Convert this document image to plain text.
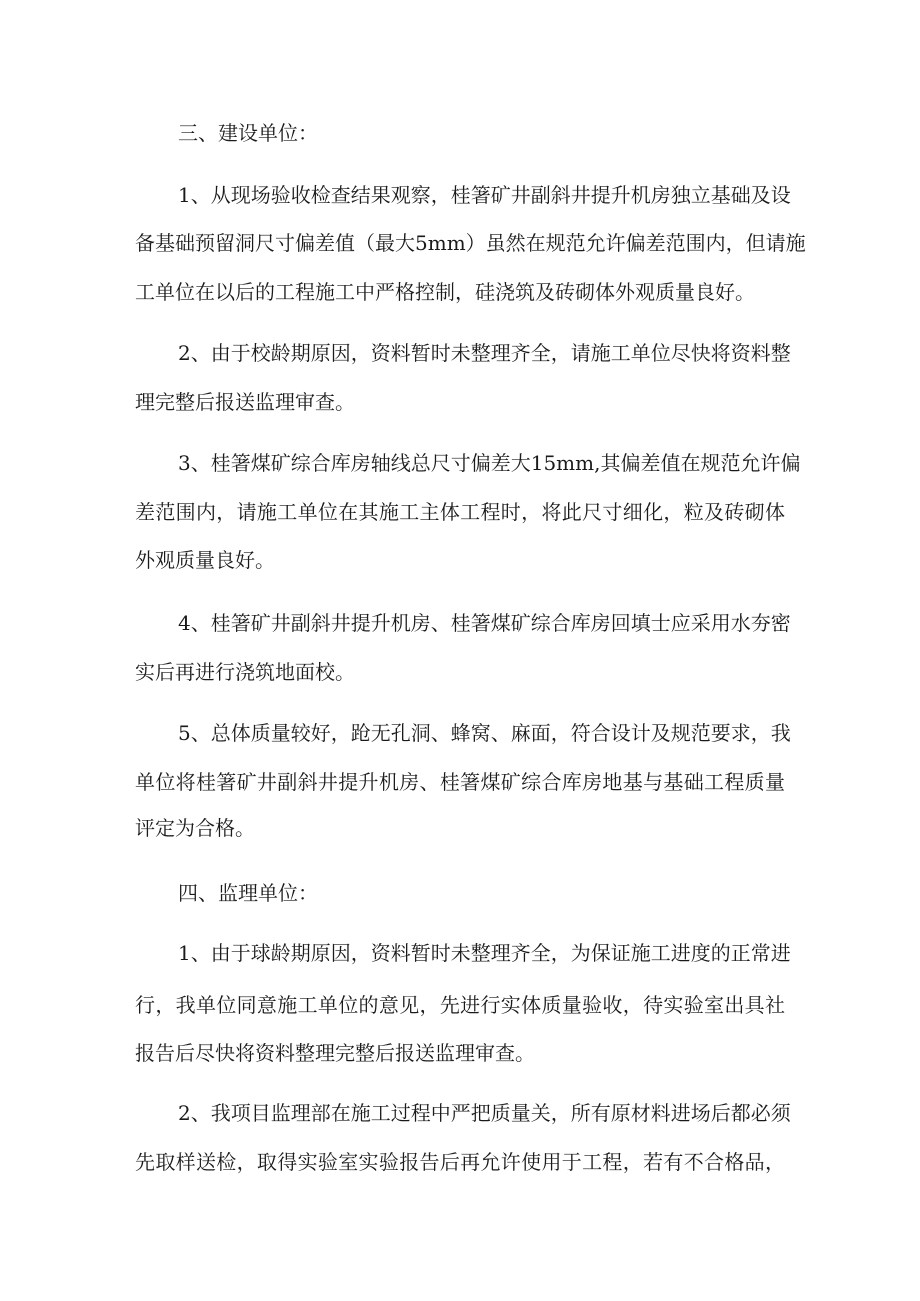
三、建设单位：
1、从现场验收检查结果观察，桂箸矿井副斜井提升机房独立基础及设
备基础预留洞尺寸偏差值（最大5mm）虽然在规范允许偏差范围内，但请施
工单位在以后的工程施工中严格控制，硅浇筑及砖砌体外观质量良好。
2、由于校龄期原因，资料暂时未整理齐全，请施工单位尽快将资料整
理完整后报送监理审查。
3、桂箸煤矿综合库房轴线总尺寸偏差大15mm,其偏差值在规范允许偏
差范围内，请施工单位在其施工主体工程时，将此尺寸细化，粒及砖砌体
外观质量良好。
4、桂箸矿井副斜井提升机房、桂箸煤矿综合库房回填士应采用水夯密
实后再进行浇筑地面校。
5、总体质量较好，跄无孔洞、蜂窝、麻面，符合设计及规范要求，我
单位将桂箸矿井副斜井提升机房、桂箸煤矿综合库房地基与基础工程质量
评定为合格。
四、监理单位：
1、由于球龄期原因，资料暂时未整理齐全，为保证施工进度的正常进
行，我单位同意施工单位的意见，先进行实体质量验收，待实验室出具社
报告后尽快将资料整理完整后报送监理审查。
2、我项目监理部在施工过程中严把质量关，所有原材料进场后都必须
先取样送检，取得实验室实验报告后再允许使用于工程，若有不合格品，
